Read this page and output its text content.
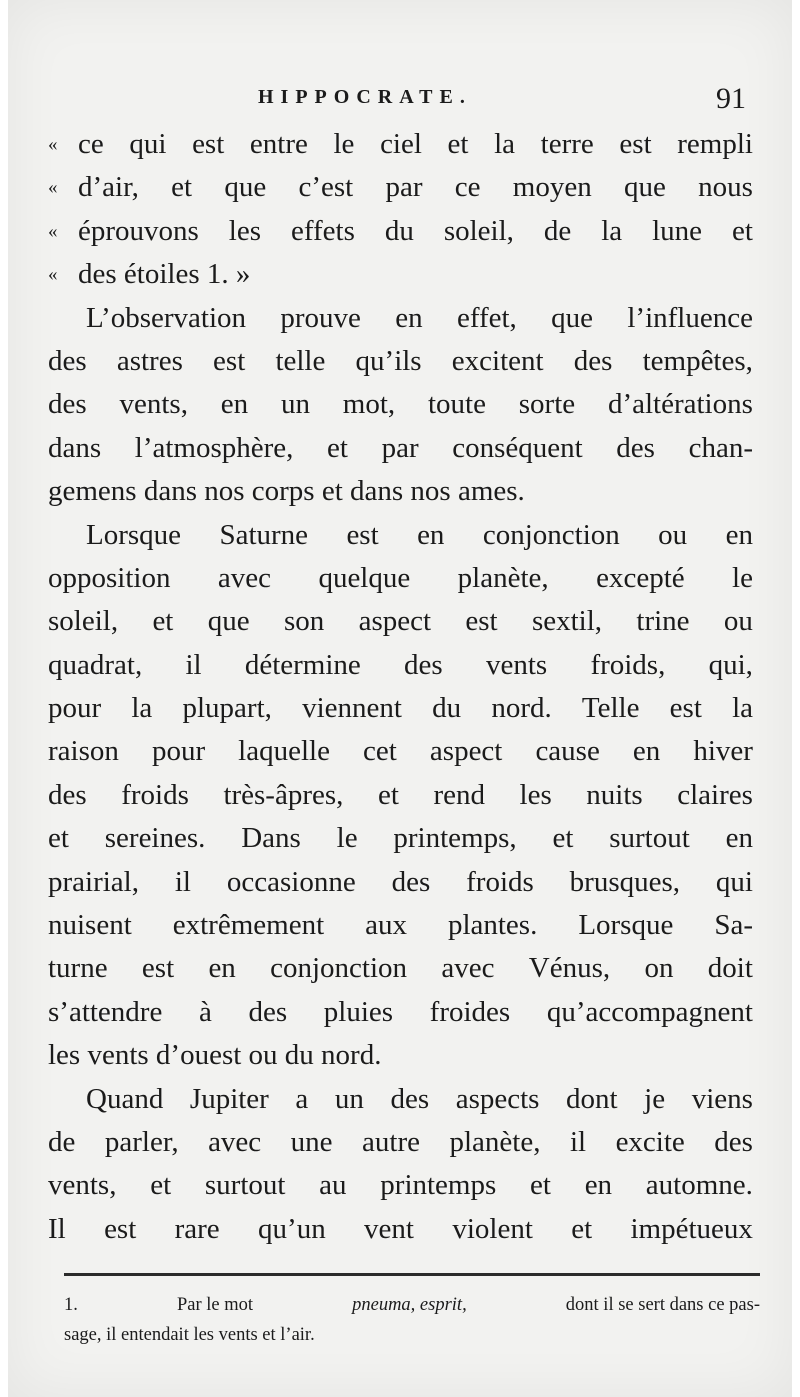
HIPPOCRATE.	91
« ce qui est entre le ciel et la terre est rempli
« d’air, et que c’est par ce moyen que nous
« éprouvons les effets du soleil, de la lune et
« des étoiles 1. »
L’observation prouve en effet, que l’influence
des astres est telle qu’ils excitent des tempêtes,
des vents, en un mot, toute sorte d’altérations
dans l’atmosphère, et par conséquent des chan-
gemens dans nos corps et dans nos ames.
Lorsque Saturne est en conjonction ou en
opposition avec quelque planète, excepté le
soleil, et que son aspect est sextil, trine ou
quadrat, il détermine des vents froids, qui,
pour la plupart, viennent du nord. Telle est la
raison pour laquelle cet aspect cause en hiver
des froids très-âpres, et rend les nuits claires
et sereines. Dans le printemps, et surtout en
prairial, il occasionne des froids brusques, qui
nuisent extrêmement aux plantes. Lorsque Sa-
turne est en conjonction avec Vénus, on doit
s’attendre à des pluies froides qu’accompagnent
les vents d’ouest ou du nord.
Quand Jupiter a un des aspects dont je viens
de parler, avec une autre planète, il excite des
vents, et surtout au printemps et en automne.
Il est rare qu’un vent violent et impétueux
1.	Par le mot	pneuma, esprit,	dont il se sert dans ce pas-
sage, il entendait les vents et l’air.
